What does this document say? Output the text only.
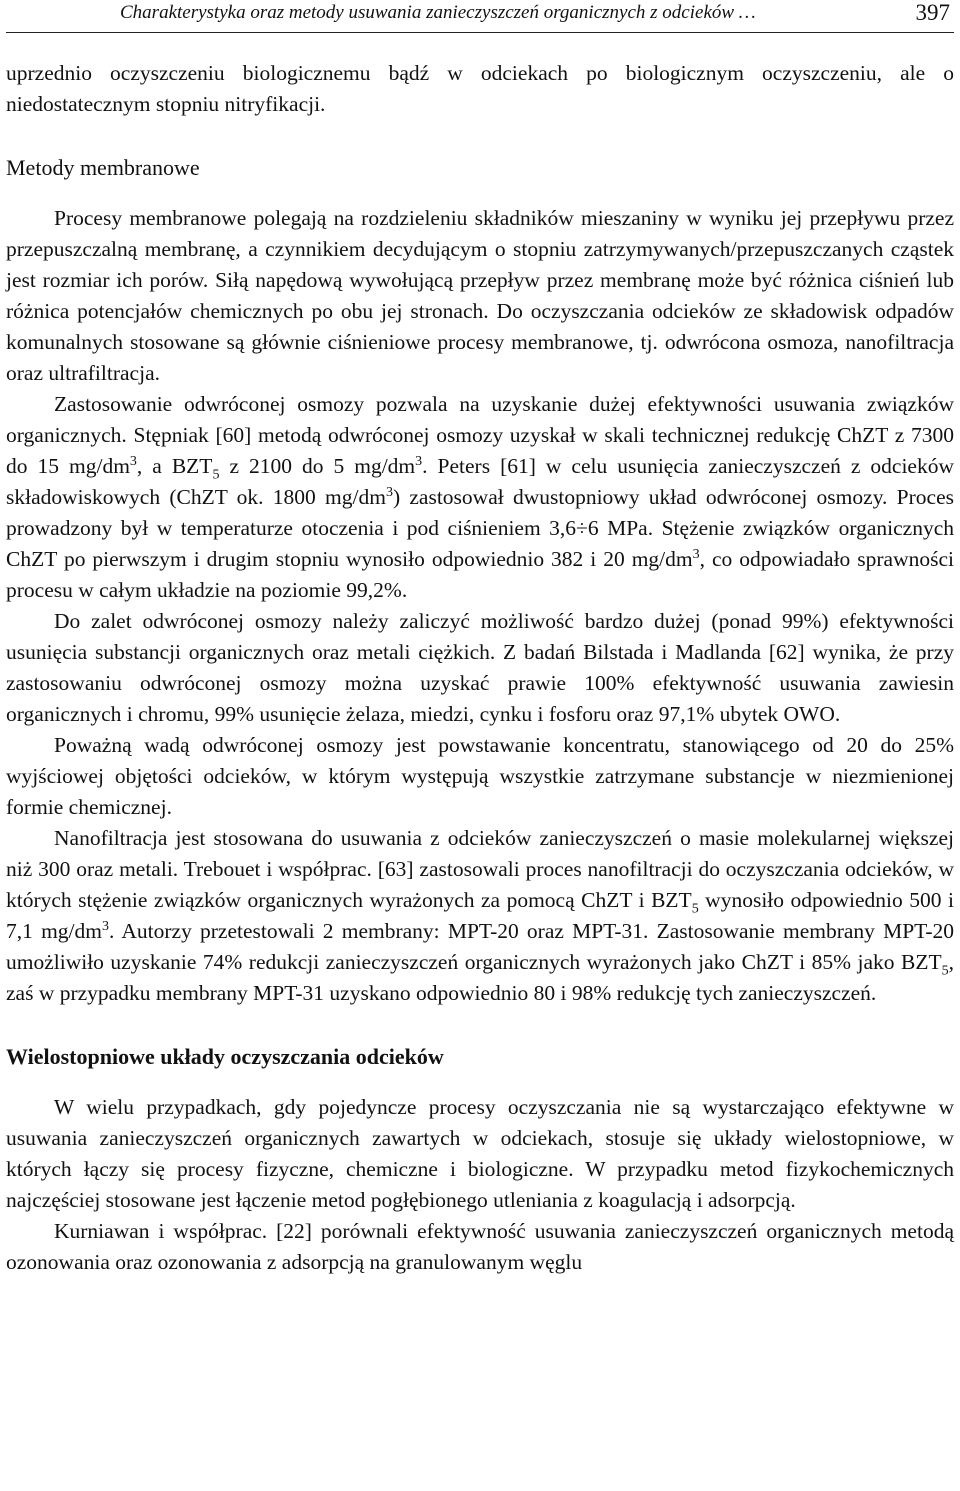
Charakterystyka oraz metody usuwania zanieczyszczeń organicznych z odcieków …	397

uprzednio oczyszczeniu biologicznemu bądź w odciekach po biologicznym oczyszczeniu, ale o niedostatecznym stopniu nitryfikacji.

Metody membranowe

Procesy membranowe polegają na rozdzieleniu składników mieszaniny w wyniku jej przepływu przez przepuszczalną membranę, a czynnikiem decydującym o stopniu zatrzymywanych/przepuszczanych cząstek jest rozmiar ich porów. Siłą napędową wywołującą przepływ przez membranę może być różnica ciśnień lub różnica potencjałów chemicznych po obu jej stronach. Do oczyszczania odcieków ze składowisk odpadów komunalnych stosowane są głównie ciśnieniowe procesy membranowe, tj. odwrócona osmoza, nanofiltracja oraz ultrafiltracja.

Zastosowanie odwróconej osmozy pozwala na uzyskanie dużej efektywności usuwania związków organicznych. Stępniak [60] metodą odwróconej osmozy uzyskał w skali technicznej redukcję ChZT z 7300 do 15 $mg/dm^3$, a $BZT_5$ z 2100 do 5 $mg/dm^3$. Peters [61] w celu usunięcia zanieczyszczeń z odcieków składowiskowych (ChZT ok. 1800 $mg/dm^3$) zastosował dwustopniowy układ odwróconej osmozy. Proces prowadzony był w temperaturze otoczenia i pod ciśnieniem 3,6÷6 MPa. Stężenie związków organicznych ChZT po pierwszym i drugim stopniu wynosiło odpowiednio 382 i 20 $mg/dm^3$, co odpowiadało sprawności procesu w całym układzie na poziomie 99,2%.

Do zalet odwróconej osmozy należy zaliczyć możliwość bardzo dużej (ponad 99%) efektywności usunięcia substancji organicznych oraz metali ciężkich. Z badań Bilstada i Madlanda [62] wynika, że przy zastosowaniu odwróconej osmozy można uzyskać prawie 100% efektywność usuwania zawiesin organicznych i chromu, 99% usunięcie żelaza, miedzi, cynku i fosforu oraz 97,1% ubytek OWO.

Poważną wadą odwróconej osmozy jest powstawanie koncentratu, stanowiącego od 20 do 25% wyjściowej objętości odcieków, w którym występują wszystkie zatrzymane substancje w niezmienionej formie chemicznej.

Nanofiltracja jest stosowana do usuwania z odcieków zanieczyszczeń o masie molekularnej większej niż 300 oraz metali. Trebouet i współprac. [63] zastosowali proces nanofiltracji do oczyszczania odcieków, w których stężenie związków organicznych wyrażonych za pomocą ChZT i $BZT_5$ wynosiło odpowiednio 500 i 7,1 $mg/dm^3$. Autorzy przetestowali 2 membrany: MPT-20 oraz MPT-31. Zastosowanie membrany MPT-20 umożliwiło uzyskanie 74% redukcji zanieczyszczeń organicznych wyrażonych jako ChZT i 85% jako $BZT_5$, zaś w przypadku membrany MPT-31 uzyskano odpowiednio 80 i 98% redukcję tych zanieczyszczeń.

Wielostopniowe układy oczyszczania odcieków

W wielu przypadkach, gdy pojedyncze procesy oczyszczania nie są wystarczająco efektywne w usuwania zanieczyszczeń organicznych zawartych w odciekach, stosuje się układy wielostopniowe, w których łączy się procesy fizyczne, chemiczne i biologiczne. W przypadku metod fizykochemicznych najczęściej stosowane jest łączenie metod pogłębionego utleniania z koagulacją i adsorpcją.

Kurniawan i współprac. [22] porównali efektywność usuwania zanieczyszczeń organicznych metodą ozonowania oraz ozonowania z adsorpcją na granulowanym węglu
